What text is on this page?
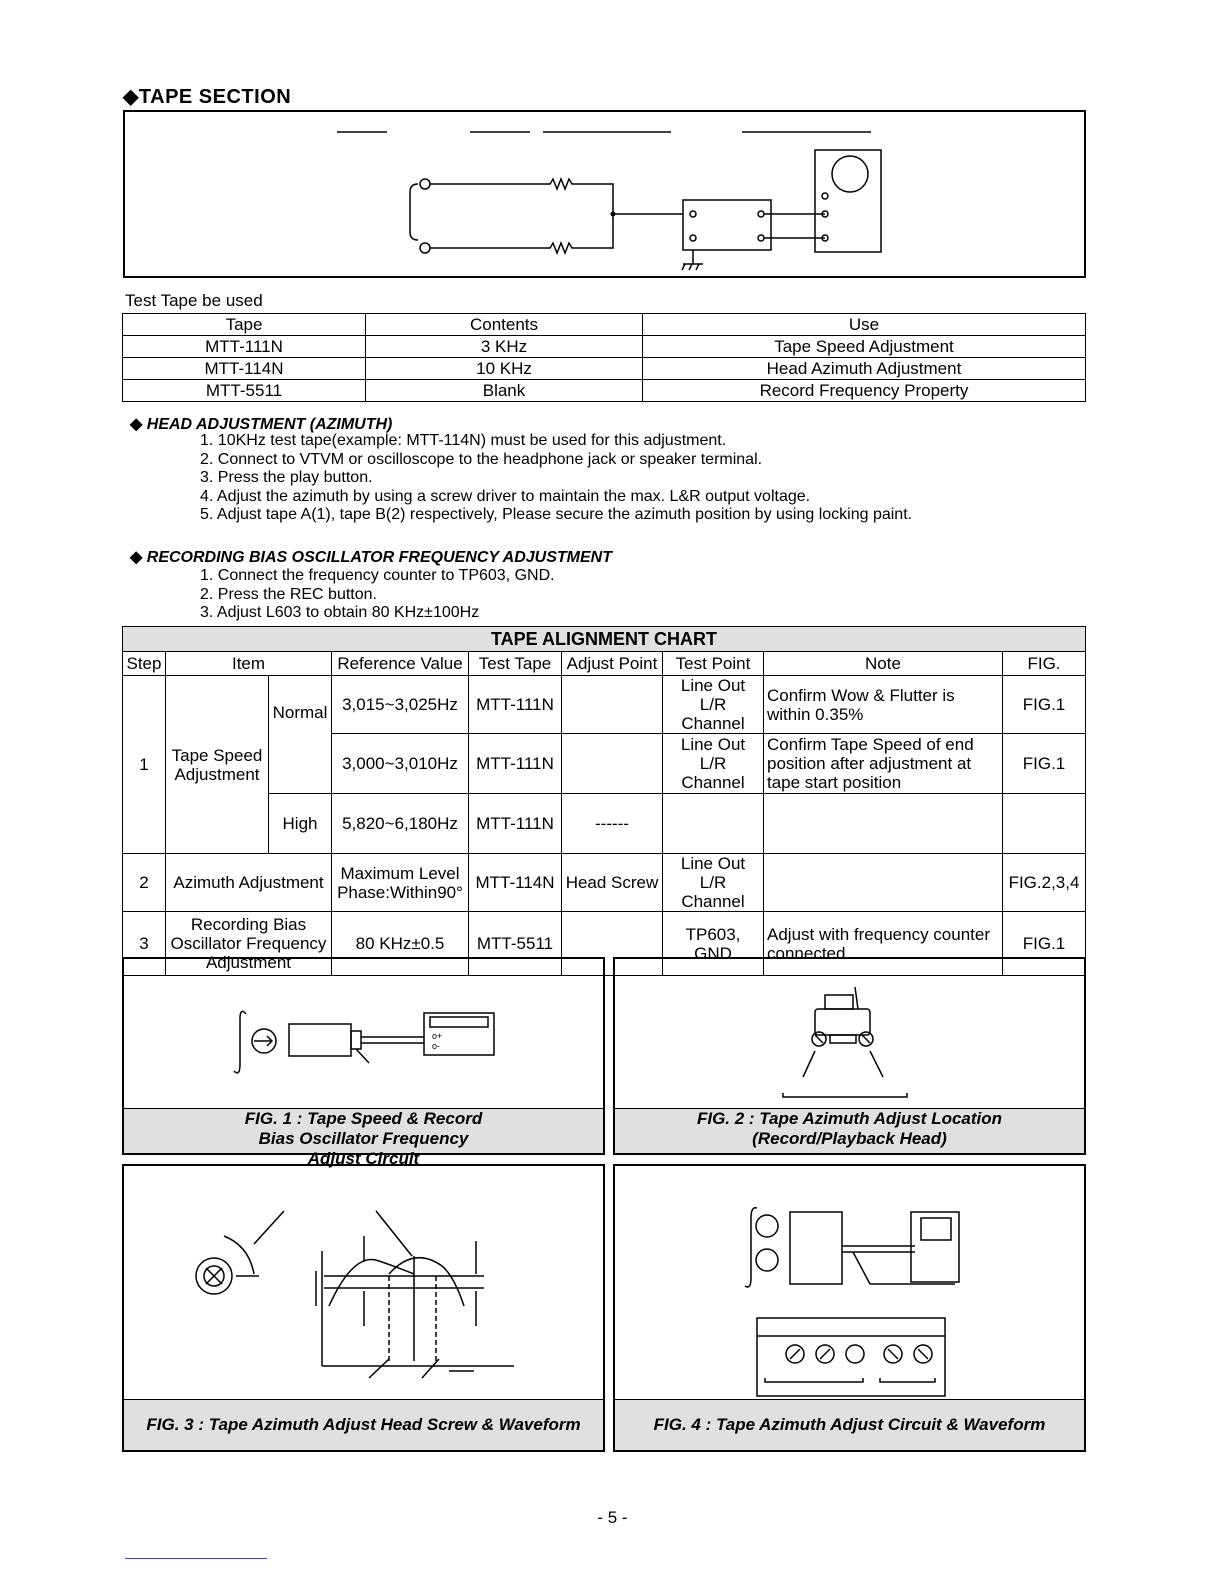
◆TAPE SECTION
Test Tape be used
Tape	Contents	Use
MTT-111N	3 KHz	Tape Speed Adjustment
MTT-114N	10 KHz	Head Azimuth Adjustment
MTT-5511	Blank	Record Frequency Property
◆ HEAD ADJUSTMENT (AZIMUTH)
1. 10KHz test tape(example: MTT-114N) must be used for this adjustment.
2. Connect to VTVM or oscilloscope to the headphone jack or speaker terminal.
3. Press the play button.
4. Adjust the azimuth by using a screw driver to maintain the max. L&R output voltage.
5. Adjust tape A(1), tape B(2) respectively, Please secure the azimuth position by using locking paint.
◆ RECORDING BIAS OSCILLATOR FREQUENCY ADJUSTMENT
1. Connect the frequency counter to TP603, GND.
2. Press the REC button.
3. Adjust L603 to obtain 80 KHz±100Hz
TAPE ALIGNMENT CHART								
Step	Item		Reference Value	Test Tape	Adjust Point	Test Point	Note	FIG.
1	Tape Speed Adjustment	Normal	3,015~3,025Hz	MTT-111N		Line Out L/R Channel	Confirm Wow & Flutter is within 0.35%	FIG.1
			3,000~3,010Hz	MTT-111N		Line Out L/R Channel	Confirm Tape Speed of end position after adjustment at tape start position	FIG.1
		High	5,820~6,180Hz	MTT-111N	------			
2	Azimuth Adjustment		Maximum Level Phase:Within90°	MTT-114N	Head Screw	Line Out L/R Channel		FIG.2,3,4
3	Recording Bias Oscillator Frequency Adjustment		80 KHz±0.5	MTT-5511		TP603, GND	Adjust with frequency counter connected.	FIG.1
o+
o-
FIG. 1 : Tape Speed & Record Bias Oscillator Frequency Adjust Circuit
FIG. 2 : Tape Azimuth Adjust Location (Record/Playback Head)
FIG. 3 : Tape Azimuth Adjust Head Screw & Waveform	FIG. 4 : Tape Azimuth Adjust Circuit & Waveform
- 5 -
